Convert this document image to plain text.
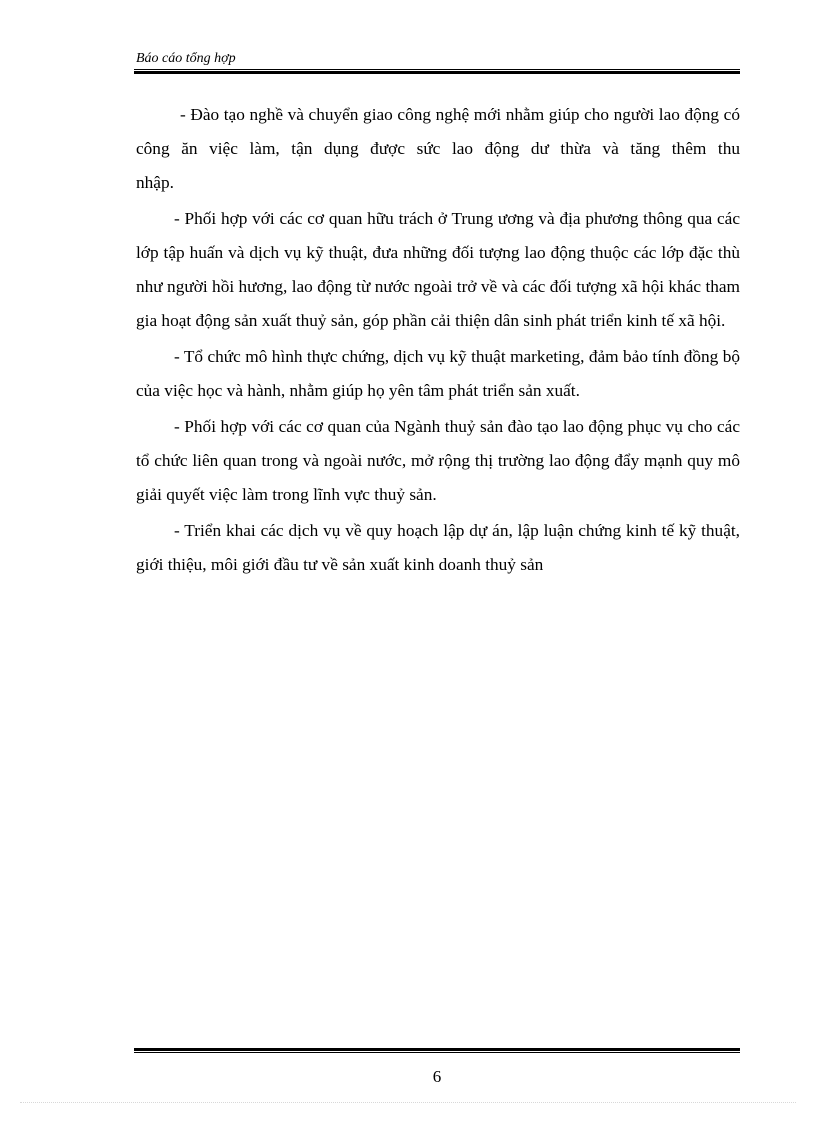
Báo cáo tổng hợp

- Đào tạo nghề và chuyển giao công nghệ mới nhằm giúp cho người lao động có công ăn việc làm, tận dụng được sức lao động dư thừa và tăng thêm thu

nhập.

- Phối hợp với các cơ quan hữu trách ở Trung ương và địa phương thông qua các lớp tập huấn và dịch vụ kỹ thuật, đưa những đối tượng lao động thuộc các lớp đặc thù như người hồi hương, lao động từ nước ngoài trở về và các đối tượng xã hội khác tham gia hoạt động sản xuất thuỷ sản, góp phần cải thiện dân sinh phát triển kinh tế xã hội.

- Tổ chức mô hình thực chứng, dịch vụ kỹ thuật marketing, đảm bảo tính đồng bộ của việc học và hành, nhằm giúp họ yên tâm phát triển sản xuất.

- Phối hợp với các cơ quan của Ngành thuỷ sản đào tạo lao động phục vụ cho các tổ chức liên quan trong và ngoài nước, mở rộng thị trường lao động đẩy mạnh quy mô giải quyết việc làm trong lĩnh vực thuỷ sản.

- Triển khai các dịch vụ về quy hoạch lập dự án, lập luận chứng kinh tế kỹ thuật, giới thiệu, môi giới đầu tư về sản xuất kinh doanh thuỷ sản

6
